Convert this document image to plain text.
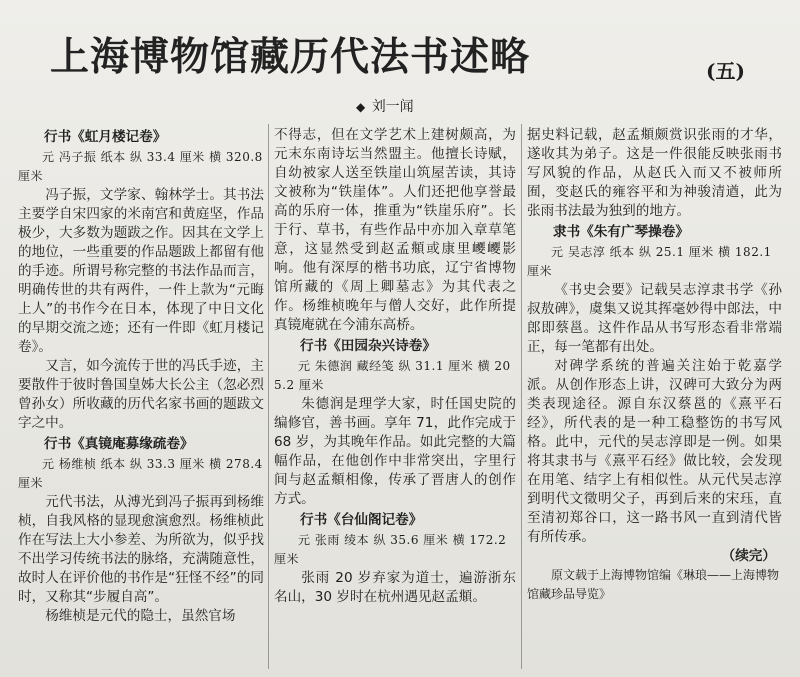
上海博物馆藏历代法书述略	(五)
◆ 刘一闻

行书《虹月楼记卷》

元 冯子振 纸本 纵 33.4 厘米 横 320.8 厘米

冯子振，文学家、翰林学士。其书法主要学自宋四家的米南宫和黄庭坚，作品极少，大多数为题跋之作。因其在文学上的地位，一些重要的作品题跋上都留有他的手迹。所谓号称完整的书法作品而言，明确传世的共有两件，一件上款为“元晦上人”的书作今在日本，体现了中日文化的早期交流之迹；还有一件即《虹月楼记卷》。

又言，如今流传于世的冯氏手迹，主要散件于彼时鲁国皇姊大长公主（忽必烈曾孙女）所收藏的历代名家书画的题跋文字之中。

行书《真镜庵募缘疏卷》

元 杨维桢 纸本 纵 33.3 厘米 横 278.4 厘米

元代书法，从溥光到冯子振再到杨维桢，自我风格的显现愈演愈烈。杨维桢此作在写法上大小参差、为所欲为，似乎找不出学习传统书法的脉络，充满随意性，故时人在评价他的书作是“狂怪不经”的同时，又称其“步履自高”。

杨维桢是元代的隐士，虽然官场

不得志，但在文学艺术上建树颇高，为元末东南诗坛当然盟主。他擅长诗赋，自幼被家人送至铁崖山筑屋苦读，其诗文被称为“铁崖体”。人们还把他享誉最高的乐府一体，推重为“铁崖乐府”。长于行、草书，有些作品中亦加入章草笔意，这显然受到赵孟頫或康里巎巎影响。他有深厚的楷书功底，辽宁省博物馆所藏的《周上卿墓志》为其代表之作。杨维桢晚年与僧人交好，此作所提真镜庵就在今浦东高桥。

行书《田园杂兴诗卷》

元 朱德润 藏经笺 纵 31.1 厘米 横 205.2 厘米

朱德润是理学大家，时任国史院的编修官，善书画。享年 71，此作完成于 68 岁，为其晚年作品。如此完整的大篇幅作品，在他创作中非常突出，字里行间与赵孟頫相像，传承了晋唐人的创作方式。

行书《台仙阁记卷》

元 张雨 绫本 纵 35.6 厘米 横 172.2 厘米

张雨 20 岁弃家为道士，遍游浙东名山，30 岁时在杭州遇见赵孟頫。

据史料记载，赵孟頫颇赏识张雨的才华，遂收其为弟子。这是一件很能反映张雨书写风貌的作品，从赵氏入而又不被师所囿，变赵氏的雍容平和为神骏清遒，此为张雨书法最为独到的地方。

隶书《朱有广琴操卷》

元 吴志淳 纸本 纵 25.1 厘米 横 182.1 厘米

《书史会要》记载吴志淳隶书学《孙叔敖碑》，虞集又说其挥毫妙得中郎法，中郎即蔡邕。这件作品从书写形态看非常端正，每一笔都有出处。

对碑学系统的普遍关注始于乾嘉学派。从创作形态上讲，汉碑可大致分为两类表现途径。源自东汉蔡邕的《熹平石经》，所代表的是一种工稳整饬的书写风格。此中，元代的吴志淳即是一例。如果将其隶书与《熹平石经》做比较，会发现在用笔、结字上有相似性。从元代吴志淳到明代文徵明父子，再到后来的宋珏，直至清初郑谷口，这一路书风一直到清代皆有所传承。

（续完）

原文载于上海博物馆编《琳琅——上海博物馆藏珍品导览》
